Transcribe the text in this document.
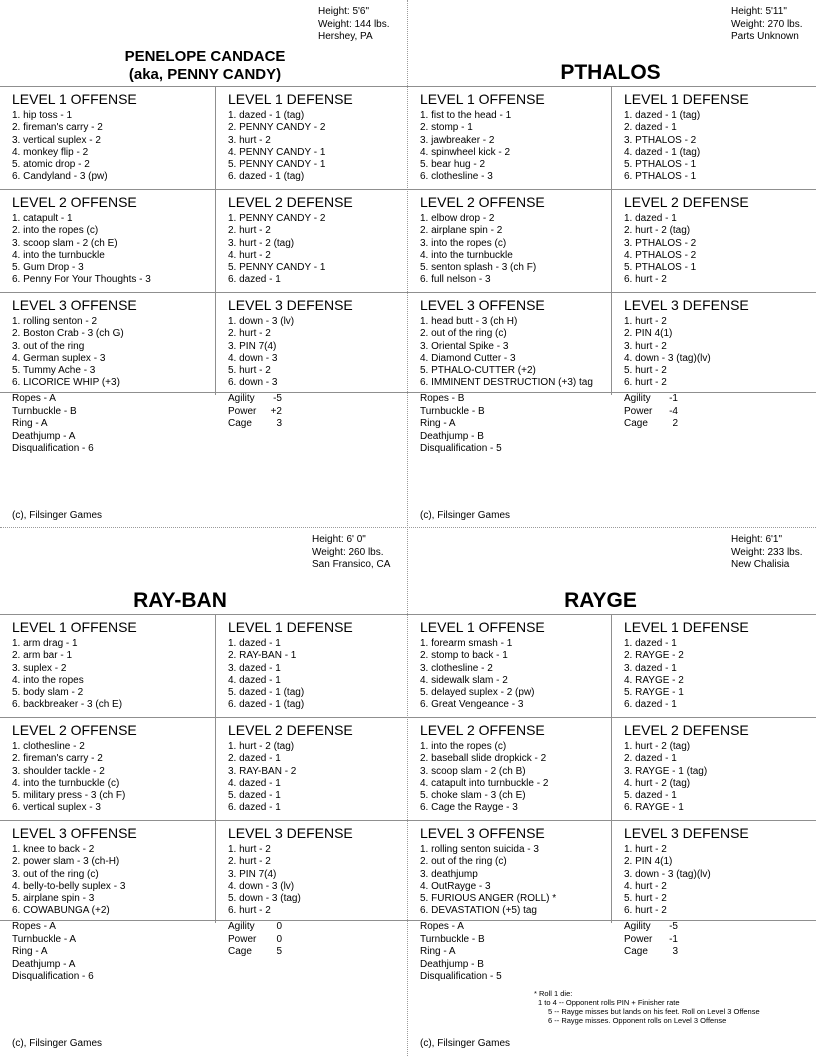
Height: 5'6"
Weight: 144 lbs.
Hershey, PA
PENELOPE CANDACE
(aka, PENNY CANDY)
LEVEL 1 OFFENSE
1. hip toss - 1
2. fireman's carry - 2
3. vertical suplex - 2
4. monkey flip - 2
5. atomic drop - 2
6. Candyland - 3 (pw)
LEVEL 1 DEFENSE
1. dazed - 1 (tag)
2. PENNY CANDY - 2
3. hurt - 2
4. PENNY CANDY - 1
5. PENNY CANDY - 1
6. dazed - 1 (tag)
LEVEL 2 OFFENSE
1. catapult - 1
2. into the ropes (c)
3. scoop slam - 2 (ch E)
4. into the turnbuckle
5. Gum Drop - 3
6. Penny For Your Thoughts - 3
LEVEL 2 DEFENSE
1. PENNY CANDY - 2
2. hurt - 2
3. hurt - 2 (tag)
4. hurt - 2
5. PENNY CANDY - 1
6. dazed - 1
LEVEL 3 OFFENSE
1. rolling senton - 2
2. Boston Crab - 3 (ch G)
3. out of the ring
4. German suplex - 3
5. Tummy Ache - 3
6. LICORICE WHIP (+3)
LEVEL 3 DEFENSE
1. down - 3 (lv)
2. hurt - 2
3. PIN 7(4)
4. down - 3
5. hurt - 2
6. down - 3
Ropes - A
Turnbuckle - B
Ring - A
Deathjump - A
Disqualification - 6
Agility	-5
Power	+2
Cage	3
(c), Filsinger Games
Height: 5'11"
Weight: 270 lbs.
Parts Unknown
PTHALOS
LEVEL 1 OFFENSE
1. fist to the head - 1
2. stomp - 1
3. jawbreaker - 2
4. spinwheel kick - 2
5. bear hug - 2
6. clothesline - 3
LEVEL 1 DEFENSE
1. dazed - 1 (tag)
2. dazed - 1
3. PTHALOS - 2
4. dazed - 1 (tag)
5. PTHALOS - 1
6. PTHALOS - 1
LEVEL 2 OFFENSE
1. elbow drop - 2
2. airplane spin - 2
3. into the ropes (c)
4. into the turnbuckle
5. senton splash - 3 (ch F)
6. full nelson - 3
LEVEL 2 DEFENSE
1. dazed - 1
2. hurt - 2 (tag)
3. PTHALOS - 2
4. PTHALOS - 2
5. PTHALOS - 1
6. hurt - 2
LEVEL 3 OFFENSE
1. head butt - 3 (ch H)
2. out of the ring (c)
3. Oriental Spike - 3
4. Diamond Cutter - 3
5. PTHALO-CUTTER (+2)
6. IMMINENT DESTRUCTION (+3) tag
LEVEL 3 DEFENSE
1. hurt - 2
2. PIN 4(1)
3. hurt - 2
4. down - 3 (tag)(lv)
5. hurt - 2
6. hurt - 2
Ropes - B
Turnbuckle - B
Ring - A
Deathjump - B
Disqualification - 5
Agility	-1
Power	-4
Cage	2
(c), Filsinger Games
Height: 6' 0"
Weight: 260 lbs.
San Fransico, CA
RAY-BAN
LEVEL 1 OFFENSE
1. arm drag - 1
2. arm bar - 1
3. suplex - 2
4. into the ropes
5. body slam - 2
6. backbreaker - 3 (ch E)
LEVEL 1 DEFENSE
1. dazed - 1
2. RAY-BAN - 1
3. dazed - 1
4. dazed - 1
5. dazed - 1 (tag)
6. dazed - 1 (tag)
LEVEL 2 OFFENSE
1. clothesline - 2
2. fireman's carry - 2
3. shoulder tackle - 2
4. into the turnbuckle (c)
5. military press - 3 (ch F)
6. vertical suplex - 3
LEVEL 2 DEFENSE
1. hurt - 2 (tag)
2. dazed - 1
3. RAY-BAN - 2
4. dazed - 1
5. dazed - 1
6. dazed - 1
LEVEL 3 OFFENSE
1. knee to back - 2
2. power slam - 3 (ch-H)
3. out of the ring (c)
4. belly-to-belly suplex - 3
5. airplane spin - 3
6. COWABUNGA (+2)
LEVEL 3 DEFENSE
1. hurt - 2
2. hurt - 2
3. PIN 7(4)
4. down - 3 (lv)
5. down - 3 (tag)
6. hurt - 2
Ropes - A
Turnbuckle - A
Ring - A
Deathjump - A
Disqualification - 6
Agility	0
Power	0
Cage	5
(c), Filsinger Games
Height: 6'1"
Weight: 233 lbs.
New Chalisia
RAYGE
LEVEL 1 OFFENSE
1. forearm smash - 1
2. stomp to back - 1
3. clothesline - 2
4. sidewalk slam - 2
5. delayed suplex - 2 (pw)
6. Great Vengeance - 3
LEVEL 1 DEFENSE
1. dazed - 1
2. RAYGE - 2
3. dazed - 1
4. RAYGE - 2
5. RAYGE - 1
6. dazed - 1
LEVEL 2 OFFENSE
1. into the ropes (c)
2. baseball slide dropkick - 2
3. scoop slam - 2 (ch B)
4. catapult into turnbuckle - 2
5. choke slam - 3 (ch E)
6. Cage the Rayge - 3
LEVEL 2 DEFENSE
1. hurt - 2 (tag)
2. dazed - 1
3. RAYGE - 1 (tag)
4. hurt - 2 (tag)
5. dazed - 1
6. RAYGE - 1
LEVEL 3 OFFENSE
1. rolling senton suicida - 3
2. out of the ring (c)
3. deathjump
4. OutRayge - 3
5. FURIOUS ANGER (ROLL) *
6. DEVASTATION (+5) tag
LEVEL 3 DEFENSE
1. hurt - 2
2. PIN 4(1)
3. down - 3 (tag)(lv)
4. hurt - 2
5. hurt - 2
6. hurt - 2
Ropes - A
Turnbuckle - B
Ring - A
Deathjump - B
Disqualification - 5
Agility	-5
Power	-1
Cage	3
* Roll 1 die:
1 to 4 -- Opponent rolls PIN + Finisher rate
5 -- Rayge misses but lands on his feet. Roll on Level 3 Offense
6 -- Rayge misses. Opponent rolls on Level 3 Offense
(c), Filsinger Games
